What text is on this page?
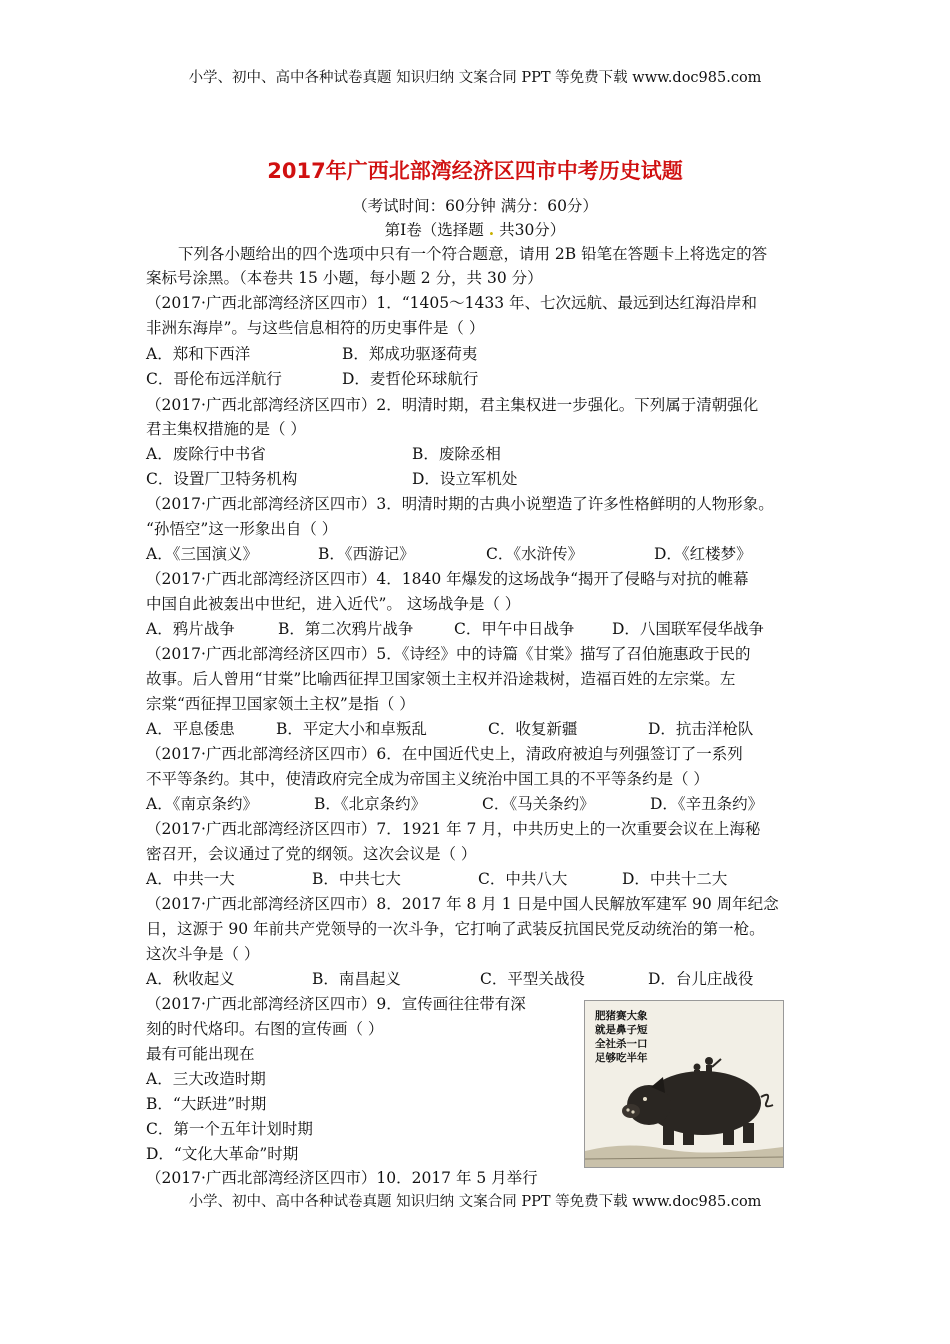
小学、初中、高中各种试卷真题 知识归纳 文案合同 PPT 等免费下载 www.doc985.com
2017年广西北部湾经济区四市中考历史试题
（考试时间：60分钟 满分：60分）
第Ⅰ卷（选择题 . 共30分）
下列各小题给出的四个选项中只有一个符合题意，请用 2B 铅笔在答题卡上将选定的答
案标号涂黑。（本卷共 15 小题，每小题 2 分，共 30 分）
（2017·广西北部湾经济区四市）1．“1405～1433 年、七次远航、最远到达红海沿岸和
非洲东海岸”。与这些信息相符的历史事件是（ ）
A．郑和下西洋	B．郑成功驱逐荷夷
C．哥伦布远洋航行	D．麦哲伦环球航行
（2017·广西北部湾经济区四市）2．明清时期，君主集权进一步强化。下列属于清朝强化
君主集权措施的是（ ）
A．废除行中书省	B．废除丞相
C．设置厂卫特务机构	D．设立军机处
（2017·广西北部湾经济区四市）3．明清时期的古典小说塑造了许多性格鲜明的人物形象。
“孙悟空”这一形象出自（ ）
A．《三国演义》	B．《西游记》	C．《水浒传》	D．《红楼梦》
（2017·广西北部湾经济区四市）4．1840 年爆发的这场战争“揭开了侵略与对抗的帷幕
中国自此被轰出中世纪，进入近代”。 这场战争是（ ）
A．鸦片战争	B．第二次鸦片战争	C．甲午中日战争	D．八国联军侵华战争
（2017·广西北部湾经济区四市）5．《诗经》中的诗篇《甘棠》描写了召伯施惠政于民的
故事。后人曾用“甘棠”比喻西征捍卫国家领土主权并沿途栽树，造福百姓的左宗棠。左
宗棠“西征捍卫国家领土主权”是指（ ）
A．平息倭患	B．平定大小和卓叛乱	C．收复新疆	D．抗击洋枪队
（2017·广西北部湾经济区四市）6．在中国近代史上，清政府被迫与列强签订了一系列
不平等条约。其中，使清政府完全成为帝国主义统治中国工具的不平等条约是（ ）
A．《南京条约》	B．《北京条约》	C．《马关条约》	D．《辛丑条约》
（2017·广西北部湾经济区四市）7．1921 年 7 月，中共历史上的一次重要会议在上海秘
密召开，会议通过了党的纲领。这次会议是（ ）
A．中共一大	B．中共七大	C．中共八大	D．中共十二大
（2017·广西北部湾经济区四市）8．2017 年 8 月 1 日是中国人民解放军建军 90 周年纪念
日，这源于 90 年前共产党领导的一次斗争，它打响了武装反抗国民党反动统治的第一枪。
这次斗争是（ ）
A．秋收起义	B．南昌起义	C．平型关战役	D．台儿庄战役
（2017·广西北部湾经济区四市）9．宣传画往往带有深
刻的时代烙印。右图的宣传画（ ）
最有可能出现在
A．三大改造时期
B．“大跃进”时期
C．第一个五年计划时期
D．“文化大革命”时期
肥猪赛大象
就是鼻子短
全社杀一口
足够吃半年
（2017·广西北部湾经济区四市）10．2017 年 5 月举行
小学、初中、高中各种试卷真题 知识归纳 文案合同 PPT 等免费下载 www.doc985.com
